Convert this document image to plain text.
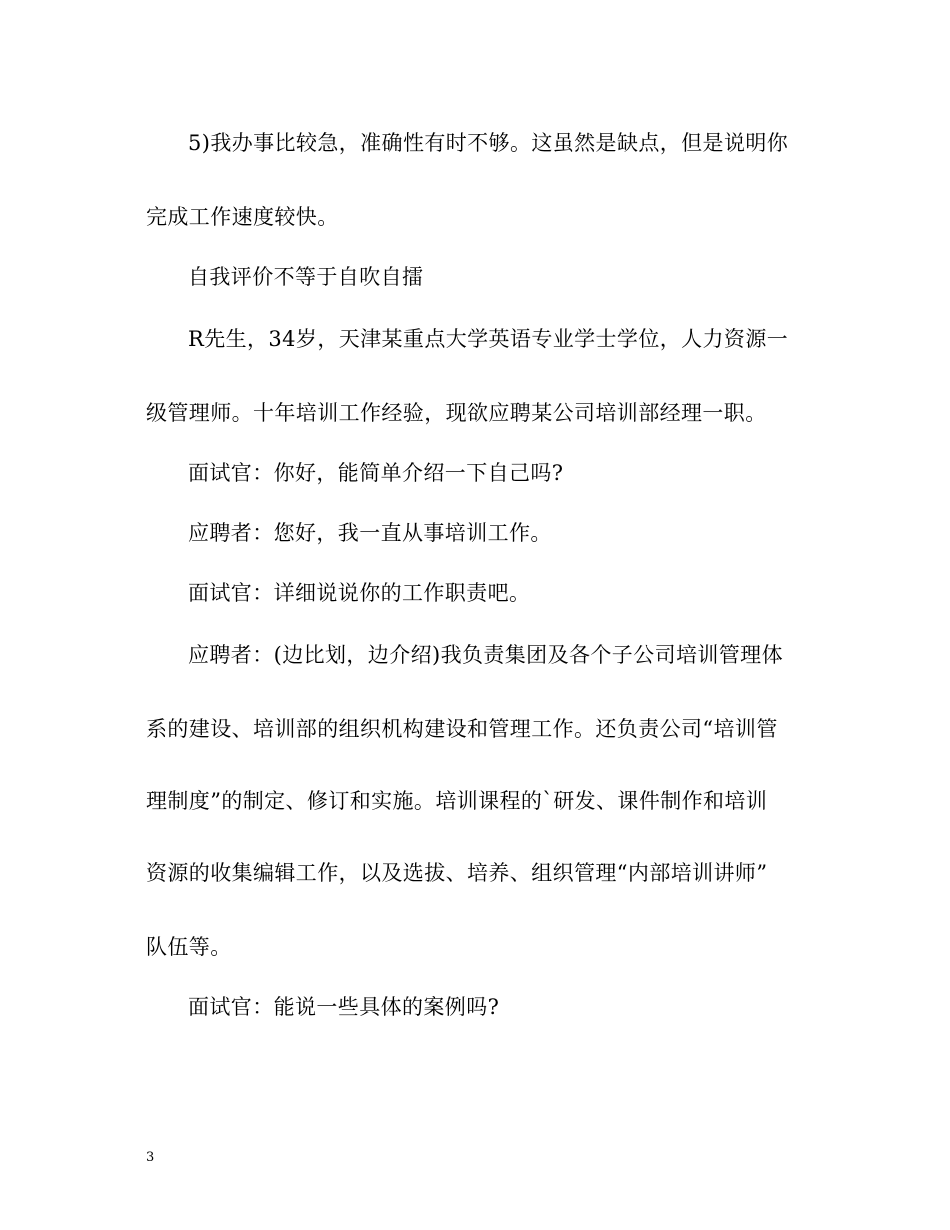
5)我办事比较急，准确性有时不够。这虽然是缺点，但是说明你
完成工作速度较快。
自我评价不等于自吹自擂
R先生，34岁，天津某重点大学英语专业学士学位，人力资源一
级管理师。十年培训工作经验，现欲应聘某公司培训部经理一职。
面试官：你好，能简单介绍一下自己吗?
应聘者：您好，我一直从事培训工作。
面试官：详细说说你的工作职责吧。
应聘者：(边比划，边介绍)我负责集团及各个子公司培训管理体
系的建设、培训部的组织机构建设和管理工作。还负责公司“培训管
理制度”的制定、修订和实施。培训课程的`研发、课件制作和培训
资源的收集编辑工作，以及选拔、培养、组织管理“内部培训讲师”
队伍等。
面试官：能说一些具体的案例吗?
3
